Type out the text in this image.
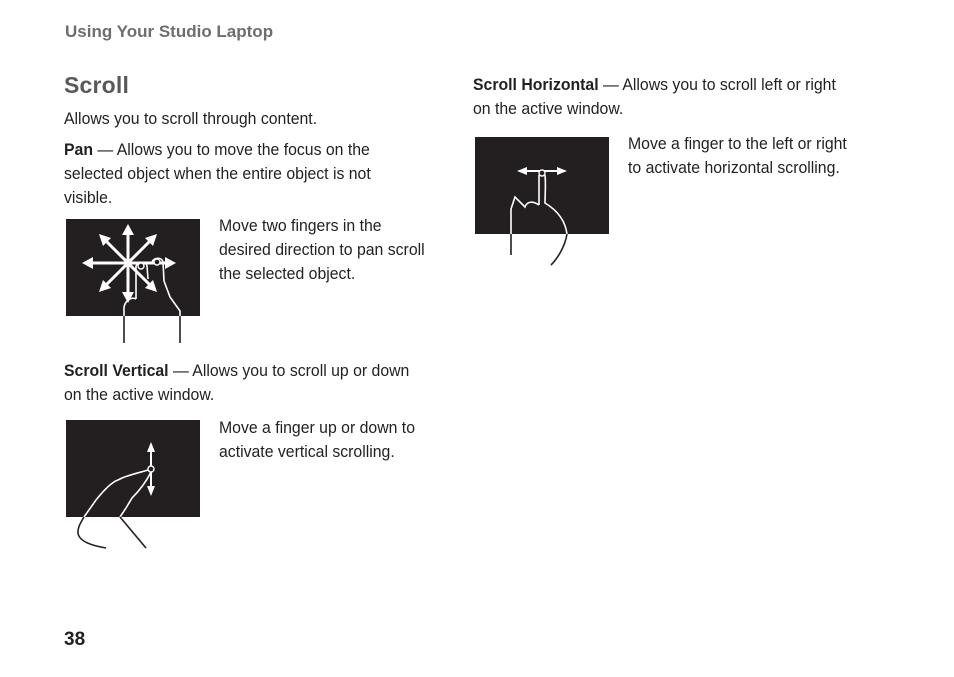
Using Your Studio Laptop
Scroll

Allows you to scroll through content.

Pan — Allows you to move the focus on the selected object when the entire object is not visible.

Move two fingers in the desired direction to pan scroll the selected object.

Scroll Vertical — Allows you to scroll up or down on the active window.

Move a finger up or down to activate vertical scrolling.

Scroll Horizontal — Allows you to scroll left or right on the active window.

Move a finger to the left or right to activate horizontal scrolling.

38
